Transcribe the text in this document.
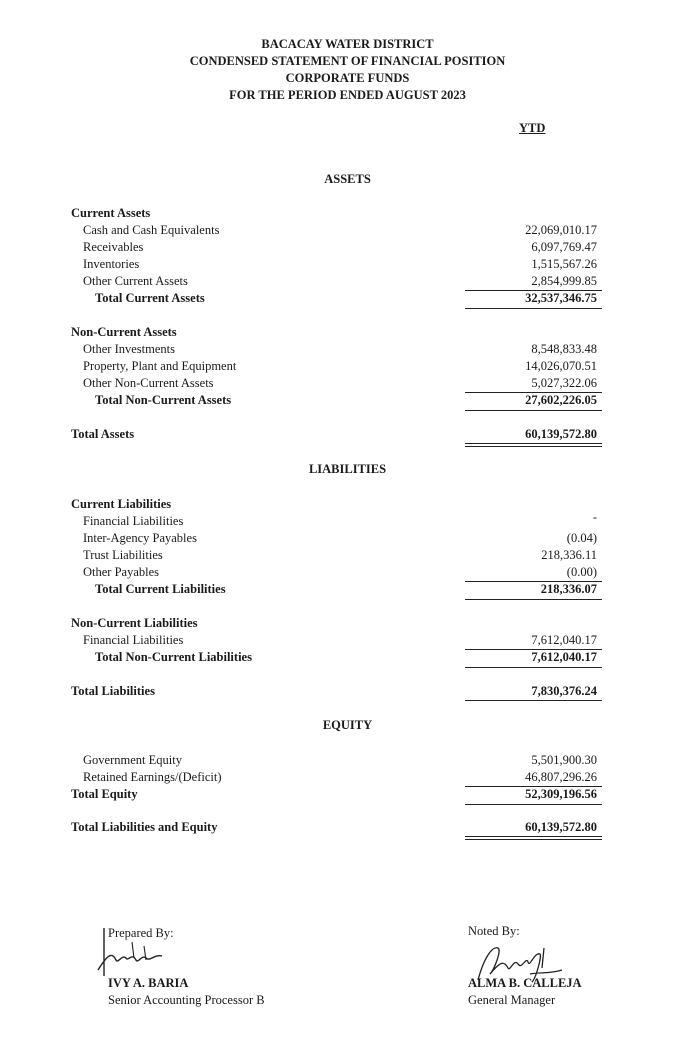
BACACAY WATER DISTRICT
CONDENSED STATEMENT OF FINANCIAL POSITION
CORPORATE FUNDS
FOR THE PERIOD ENDED AUGUST 2023
YTD
ASSETS
Current Assets
Cash and Cash Equivalents	22,069,010.17
Receivables	6,097,769.47
Inventories	1,515,567.26
Other Current Assets	2,854,999.85
Total Current Assets	32,537,346.75
Non-Current Assets
Other Investments	8,548,833.48
Property, Plant and Equipment	14,026,070.51
Other Non-Current Assets	5,027,322.06
Total Non-Current Assets	27,602,226.05
Total Assets	60,139,572.80
LIABILITIES
Current Liabilities
Financial Liabilities	-
Inter-Agency Payables	(0.04)
Trust Liabilities	218,336.11
Other Payables	(0.00)
Total Current Liabilities	218,336.07
Non-Current Liabilities
Financial Liabilities	7,612,040.17
Total Non-Current Liabilities	7,612,040.17
Total Liabilities	7,830,376.24
EQUITY
Government Equity	5,501,900.30
Retained Earnings/(Deficit)	46,807,296.26
Total Equity	52,309,196.56
Total Liabilities and Equity	60,139,572.80
Prepared By:
IVY A. BARIA
Senior Accounting Processor B
Noted By:
ALMA B. CALLEJA
General Manager
